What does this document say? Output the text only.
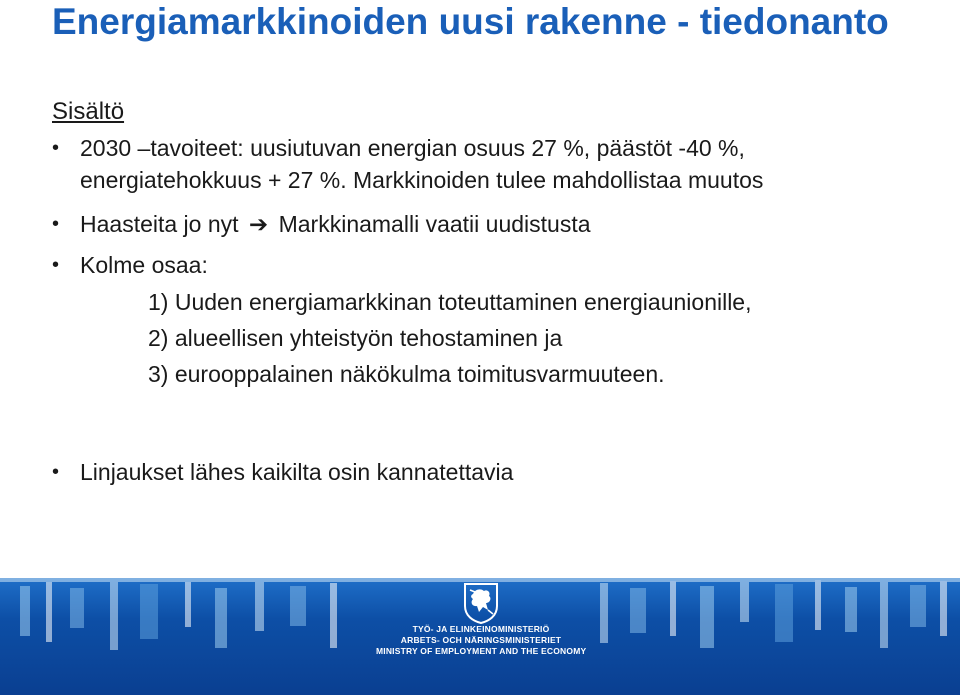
Energiamarkkinoiden uusi rakenne - tiedonanto
Sisältö
• 2030 –tavoiteet: uusiutuvan energian osuus 27 %, päästöt -40 %, energiatehokkuus + 27 %. Markkinoiden tulee mahdollistaa muutos
• Haasteita jo nyt ➔ Markkinamalli vaatii uudistusta
• Kolme osaa:
1) Uuden energiamarkkinan toteuttaminen energiaunionille,
2) alueellisen yhteistyön tehostaminen ja
3) eurooppalainen näkökulma toimitusvarmuuteen.
• Linjaukset lähes kaikilta osin kannatettavia
TYÖ- JA ELINKEINOMINISTERIÖ
ARBETS- OCH NÄRINGSMINISTERIET
MINISTRY OF EMPLOYMENT AND THE ECONOMY
